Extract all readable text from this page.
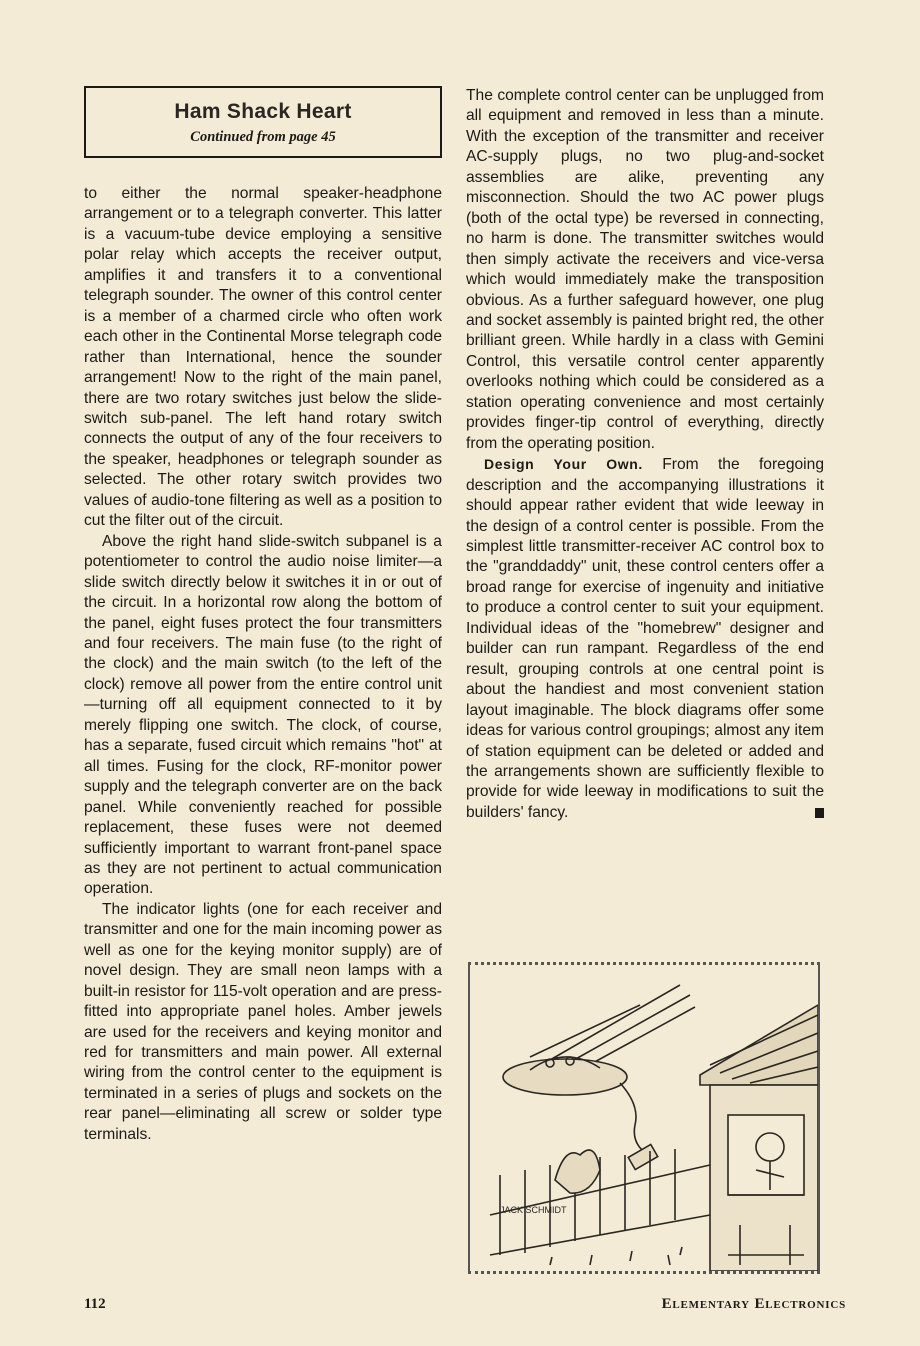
Ham Shack Heart
Continued from page 45

to either the normal speaker-headphone arrangement or to a telegraph converter. This latter is a vacuum-tube device employing a sensitive polar relay which accepts the receiver output, amplifies it and transfers it to a conventional telegraph sounder. The owner of this control center is a member of a charmed circle who often work each other in the Continental Morse telegraph code rather than International, hence the sounder arrangement! Now to the right of the main panel, there are two rotary switches just below the slide-switch sub-panel. The left hand rotary switch connects the output of any of the four receivers to the speaker, headphones or telegraph sounder as selected. The other rotary switch provides two values of audio-tone filtering as well as a position to cut the filter out of the circuit.

Above the right hand slide-switch subpanel is a potentiometer to control the audio noise limiter—a slide switch directly below it switches it in or out of the circuit. In a horizontal row along the bottom of the panel, eight fuses protect the four transmitters and four receivers. The main fuse (to the right of the clock) and the main switch (to the left of the clock) remove all power from the entire control unit—turning off all equipment connected to it by merely flipping one switch. The clock, of course, has a separate, fused circuit which remains "hot" at all times. Fusing for the clock, RF-monitor power supply and the telegraph converter are on the back panel. While conveniently reached for possible replacement, these fuses were not deemed sufficiently important to warrant front-panel space as they are not pertinent to actual communication operation.

The indicator lights (one for each receiver and transmitter and one for the main incoming power as well as one for the keying monitor supply) are of novel design. They are small neon lamps with a built-in resistor for 115-volt operation and are press-fitted into appropriate panel holes. Amber jewels are used for the receivers and keying monitor and red for transmitters and main power. All external wiring from the control center to the equipment is terminated in a series of plugs and sockets on the rear panel—eliminating all screw or solder type terminals.

The complete control center can be unplugged from all equipment and removed in less than a minute. With the exception of the transmitter and receiver AC-supply plugs, no two plug-and-socket assemblies are alike, preventing any misconnection. Should the two AC power plugs (both of the octal type) be reversed in connecting, no harm is done. The transmitter switches would then simply activate the receivers and vice-versa which would immediately make the transposition obvious. As a further safeguard however, one plug and socket assembly is painted bright red, the other brilliant green. While hardly in a class with Gemini Control, this versatile control center apparently overlooks nothing which could be considered as a station operating convenience and most certainly provides finger-tip control of everything, directly from the operating position.

Design Your Own. From the foregoing description and the accompanying illustrations it should appear rather evident that wide leeway in the design of a control center is possible. From the simplest little transmitter-receiver AC control box to the "granddaddy" unit, these control centers offer a broad range for exercise of ingenuity and initiative to produce a control center to suit your equipment. Individual ideas of the "homebrew" designer and builder can run rampant. Regardless of the end result, grouping controls at one central point is about the handiest and most convenient station layout imaginable. The block diagrams offer some ideas for various control groupings; almost any item of station equipment can be deleted or added and the arrangements shown are sufficiently flexible to provide for wide leeway in modifications to suit the builders' fancy.

JACK SCHMIDT
112	Elementary Electronics
